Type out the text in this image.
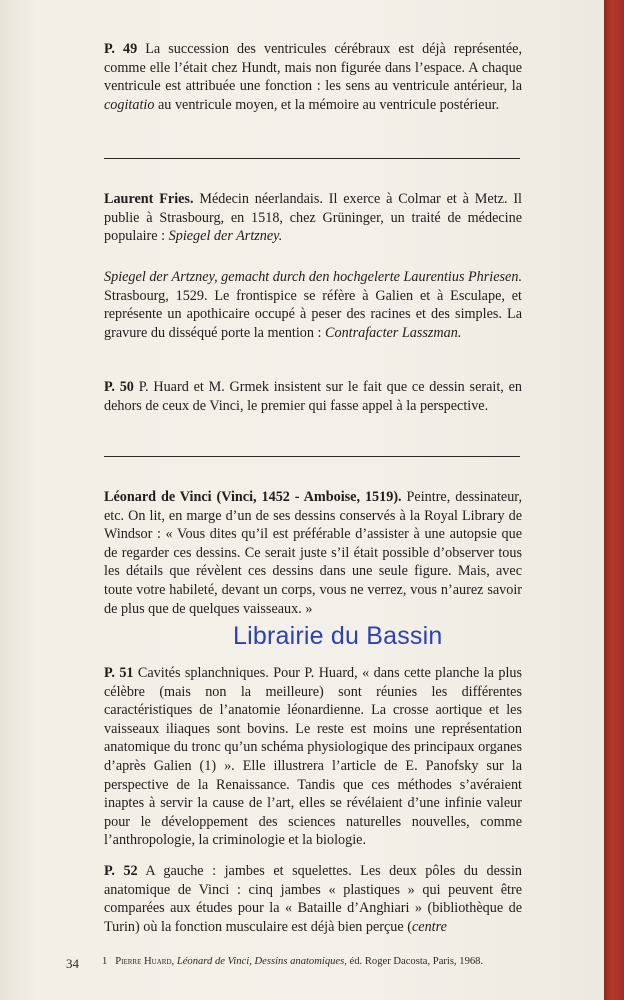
P. 49 La succession des ventricules cérébraux est déjà représentée, comme elle l’était chez Hundt, mais non figurée dans l’espace. A chaque ventricule est attribuée une fonction : les sens au ventricule antérieur, la cogitatio au ventricule moyen, et la mémoire au ventricule postérieur.

Laurent Fries. Médecin néerlandais. Il exerce à Colmar et à Metz. Il publie à Strasbourg, en 1518, chez Grüninger, un traité de médecine populaire : Spiegel der Artzney.

Spiegel der Artzney, gemacht durch den hochgelerte Laurentius Phriesen. Strasbourg, 1529. Le frontispice se réfère à Galien et à Esculape, et représente un apothicaire occupé à peser des racines et des simples. La gravure du disséqué porte la mention : Contrafacter Lasszman.

P. 50 P. Huard et M. Grmek insistent sur le fait que ce dessin serait, en dehors de ceux de Vinci, le premier qui fasse appel à la perspective.

Léonard de Vinci (Vinci, 1452 - Amboise, 1519). Peintre, dessinateur, etc. On lit, en marge d’un de ses dessins conservés à la Royal Library de Windsor : « Vous dites qu’il est préférable d’assister à une autopsie que de regarder ces dessins. Ce serait juste s’il était possible d’observer tous les détails que révèlent ces dessins dans une seule figure. Mais, avec toute votre habileté, devant un corps, vous ne verrez, vous n’aurez savoir de plus que de quelques vaisseaux. »

Librairie du Bassin

P. 51 Cavités splanchniques. Pour P. Huard, « dans cette planche la plus célèbre (mais non la meilleure) sont réunies les différentes caractéristiques de l’anatomie léonardienne. La crosse aortique et les vaisseaux iliaques sont bovins. Le reste est moins une représentation anatomique du tronc qu’un schéma physiologique des principaux organes d’après Galien (1) ». Elle illustrera l’article de E. Panofsky sur la perspective de la Renaissance. Tandis que ces méthodes s’avéraient inaptes à servir la cause de l’art, elles se révélaient d’une infinie valeur pour le développement des sciences naturelles nouvelles, comme l’anthropologie, la criminologie et la biologie.

P. 52 A gauche : jambes et squelettes. Les deux pôles du dessin anatomique de Vinci : cinq jambes « plastiques » qui peuvent être comparées aux études pour la « Bataille d’Anghiari » (bibliothèque de Turin) où la fonction musculaire est déjà bien perçue (centre

34 1 Pierre Huard, Léonard de Vinci, Dessins anatomiques, éd. Roger Dacosta, Paris, 1968.
